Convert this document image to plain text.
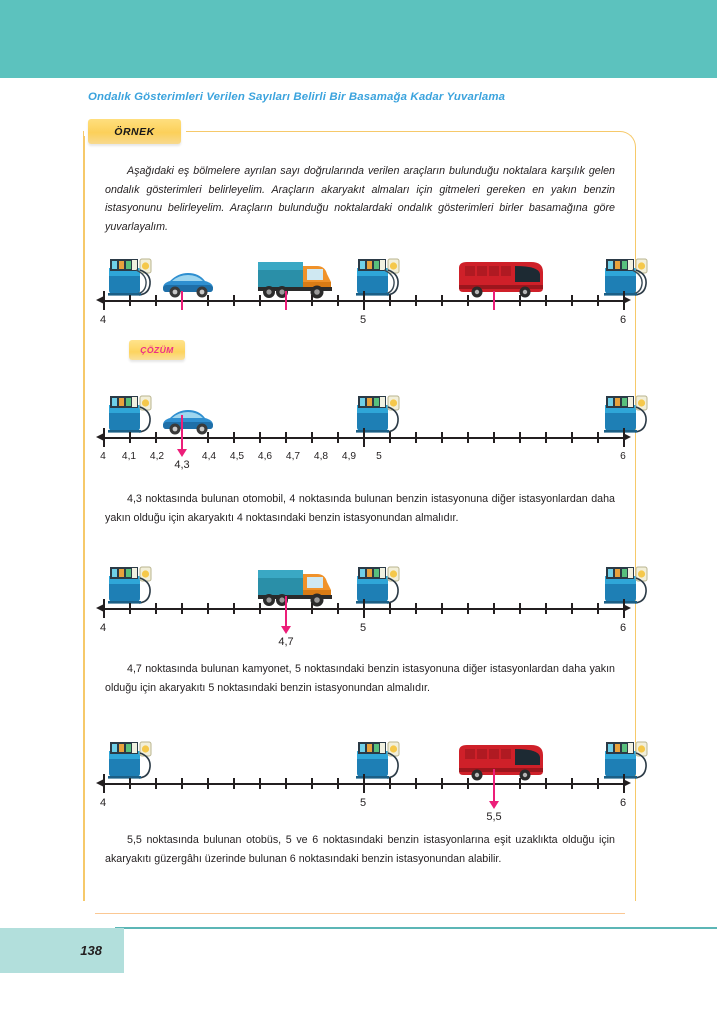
Ondalık Gösterimleri Verilen Sayıları Belirli Bir Basamağa Kadar Yuvarlama
ÖRNEK
Aşağıdaki eş bölmelere ayrılan sayı doğrularında verilen araçların bulunduğu noktalara karşılık gelen ondalık gösterimleri belirleyelim. Araçların akaryakıt almaları için gitmeleri gereken en yakın benzin istasyonunu belirleyelim. Araçların bulunduğu noktalardaki ondalık gösterimleri birler basamağına göre yuvarlayalım.
4	5	6
ÇÖZÜM
4 4,1 4,2	4,4 4,5 4,6 4,7 4,8 4,9 5	6
4,3
4,3 noktasında bulunan otomobil, 4 noktasında bulunan benzin istasyonuna diğer istasyonlardan daha yakın olduğu için akaryakıtı 4 noktasındaki benzin istasyonundan almalıdır.
4	5	6
4,7
4,7 noktasında bulunan kamyonet, 5 noktasındaki benzin istasyonuna diğer istasyonlardan daha yakın olduğu için akaryakıtı 5 noktasındaki benzin istasyonundan almalıdır.
4	5	6
5,5
5,5 noktasında bulunan otobüs, 5 ve 6 noktasındaki benzin istasyonlarına eşit uzaklıkta olduğu için akaryakıtı güzergâhı üzerinde bulunan 6 noktasındaki benzin istasyonundan alabilir.
138
